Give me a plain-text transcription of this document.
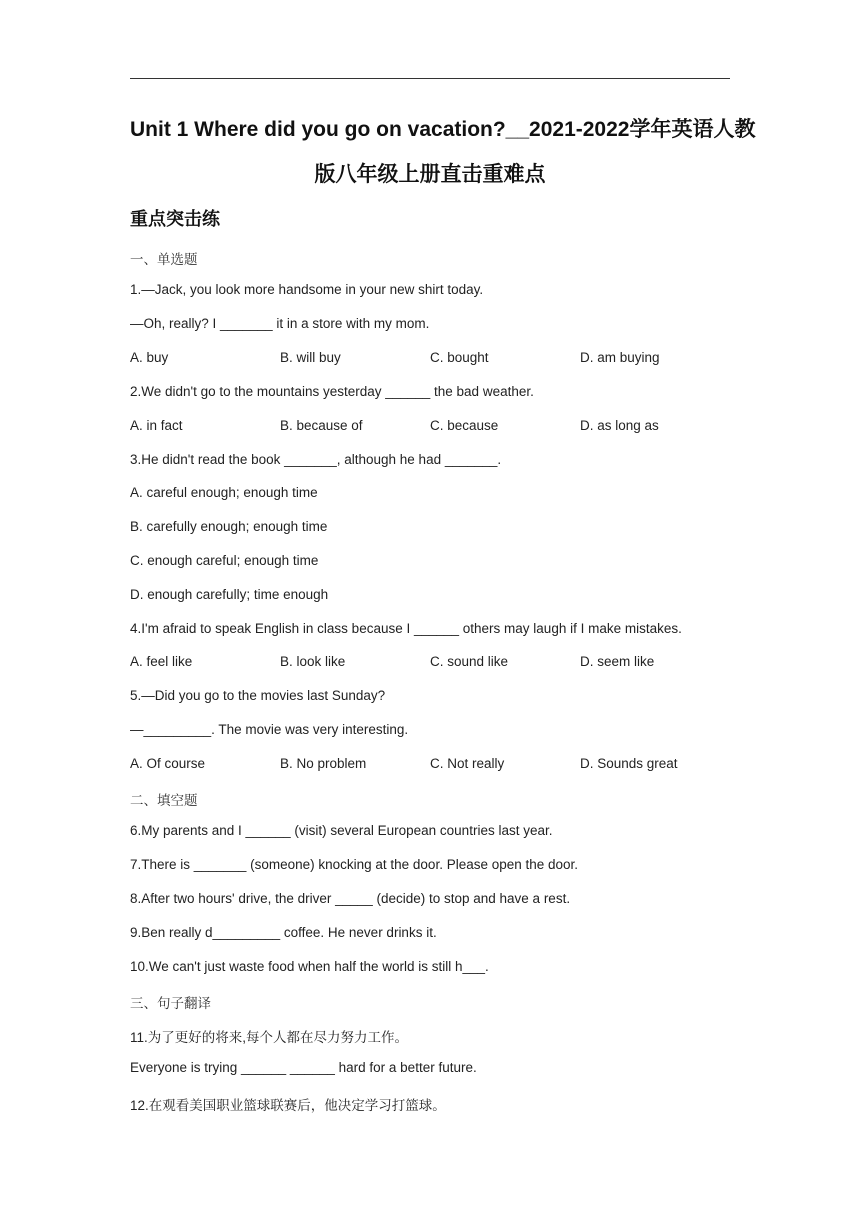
Unit 1 Where did you go on vacation?__2021-2022学年英语人教
版八年级上册直击重难点
重点突击练
一、单选题
1.—Jack, you look more handsome in your new shirt today.
—Oh, really? I _______ it in a store with my mom.
A. buy	B. will buy	C. bought	D. am buying
2.We didn't go to the mountains yesterday ______ the bad weather.
A. in fact	B. because of	C. because	D. as long as
3.He didn't read the book _______, although he had _______.
A. careful enough; enough time
B. carefully enough; enough time
C. enough careful; enough time
D. enough carefully; time enough
4.I'm afraid to speak English in class because I ______ others may laugh if I make mistakes.
A. feel like	B. look like	C. sound like	D. seem like
5.—Did you go to the movies last Sunday?
—_________. The movie was very interesting.
A. Of course	B. No problem	C. Not really	D. Sounds great
二、填空题
6.My parents and I ______ (visit) several European countries last year.
7.There is _______ (someone) knocking at the door. Please open the door.
8.After two hours' drive, the driver _____ (decide) to stop and have a rest.
9.Ben really d_________ coffee. He never drinks it.
10.We can't just waste food when half the world is still h___.
三、句子翻译
11.为了更好的将来,每个人都在尽力努力工作。
Everyone is trying ______ ______ hard for a better future.
12.在观看美国职业篮球联赛后，他决定学习打篮球。
